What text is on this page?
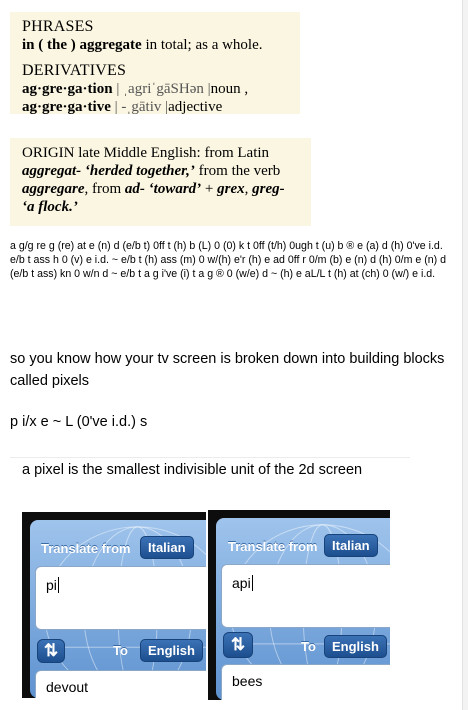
PHRASES
in ( the ) aggregate in total; as a whole.
DERIVATIVES
ag·gre·ga·tion | ˌagriˈgāSHən |noun ,
ag·gre·ga·tive | -ˌgātiv |adjective
ORIGIN late Middle English: from Latin aggregat- ‘herded together,’ from the verb aggregare, from ad- ‘toward’ + grex, greg- ‘a flock.’
a g/g re g (re) at e (n) d (e/b t) 0ff t (h) b (L) 0 (0) k t 0ff (t/h) 0ugh t (u) b ® e (a) d (h) 0've i.d. e/b t ass h 0 (v) e i.d. ~ e/b t (h) ass (m) 0 w/(h) e'r (h) e ad 0ff r 0/m (b) e (n) d (h) 0/m e (n) d (e/b t ass) kn 0 w/n d ~ e/b t a g i've (i) t a g ® 0 (w/e) d ~ (h) e aL/L t (h) at (ch) 0 (w/) e i.d.
so you know how your tv screen is broken down into building blocks called pixels
p i/x e ~ L (0've i.d.) s
a pixel is the smallest indivisible unit of the 2d screen
Translate from	Italian
pi
⇅	To	English
devout
Translate from	Italian
api
⇅	To	English
bees
